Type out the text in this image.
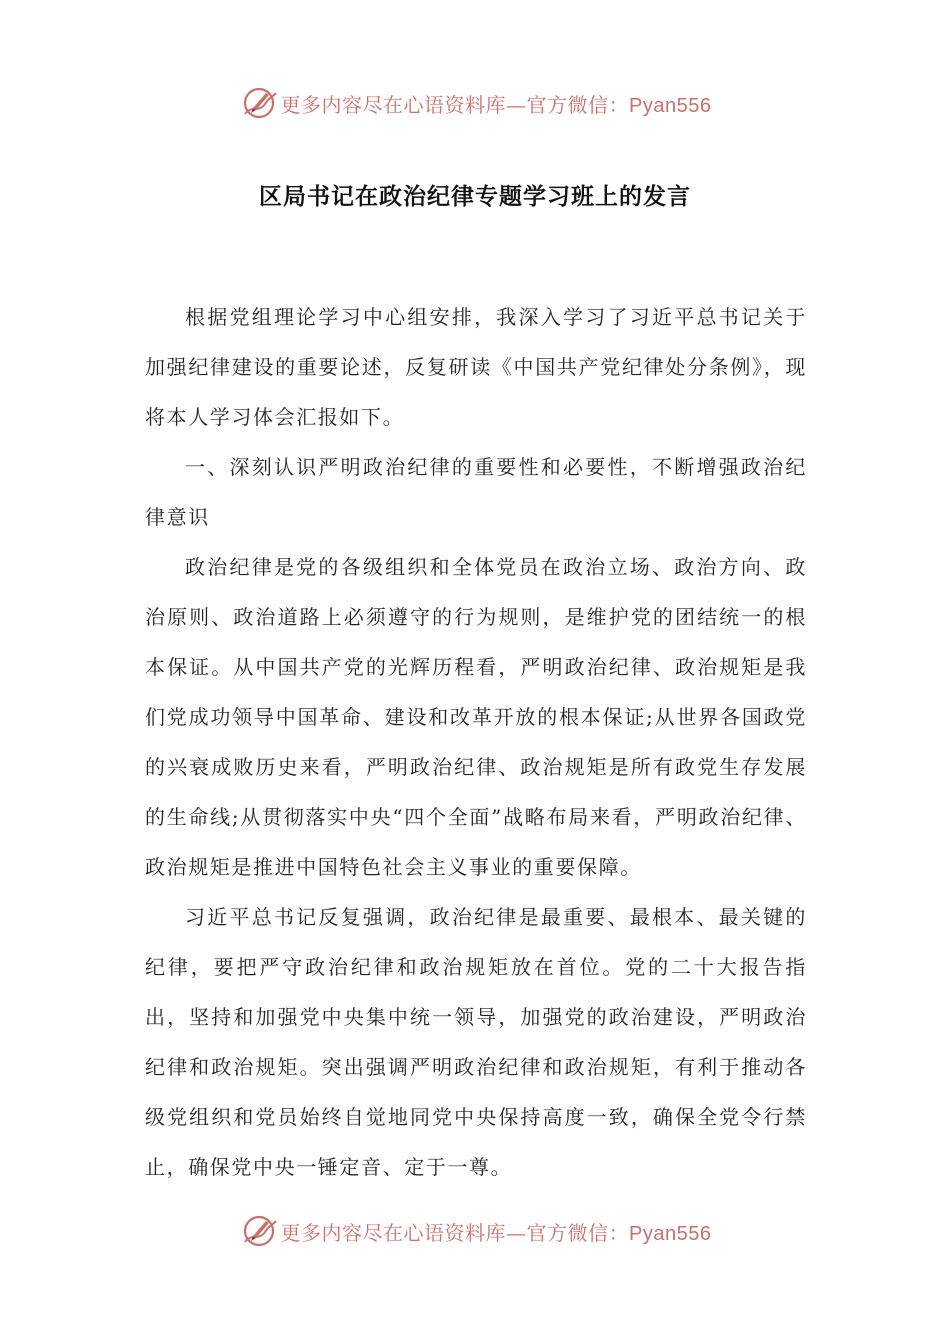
更多内容尽在心语资料库—官方微信：Pyan556
区局书记在政治纪律专题学习班上的发言

根据党组理论学习中心组安排，我深入学习了习近平总书记关于加强纪律建设的重要论述，反复研读《中国共产党纪律处分条例》，现将本人学习体会汇报如下。

一、深刻认识严明政治纪律的重要性和必要性，不断增强政治纪律意识

政治纪律是党的各级组织和全体党员在政治立场、政治方向、政治原则、政治道路上必须遵守的行为规则，是维护党的团结统一的根本保证。从中国共产党的光辉历程看，严明政治纪律、政治规矩是我们党成功领导中国革命、建设和改革开放的根本保证;从世界各国政党的兴衰成败历史来看，严明政治纪律、政治规矩是所有政党生存发展的生命线;从贯彻落实中央“四个全面”战略布局来看，严明政治纪律、政治规矩是推进中国特色社会主义事业的重要保障。

习近平总书记反复强调，政治纪律是最重要、最根本、最关键的纪律，要把严守政治纪律和政治规矩放在首位。党的二十大报告指出，坚持和加强党中央集中统一领导，加强党的政治建设，严明政治纪律和政治规矩。突出强调严明政治纪律和政治规矩，有利于推动各级党组织和党员始终自觉地同党中央保持高度一致，确保全党令行禁止，确保党中央一锤定音、定于一尊。

更多内容尽在心语资料库—官方微信：Pyan556
